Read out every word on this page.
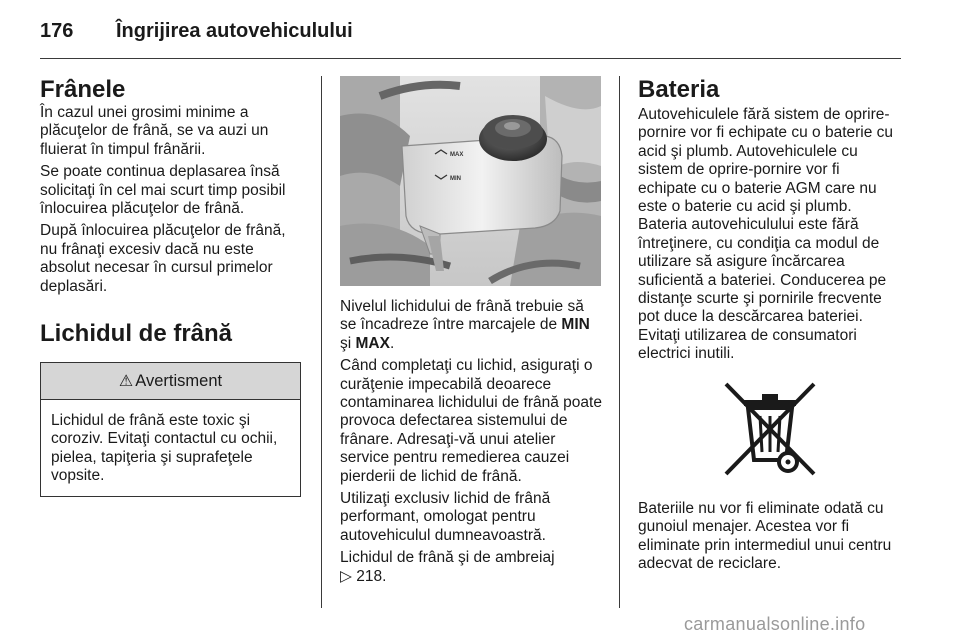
176 Îngrijirea autovehiculului
Frânele

În cazul unei grosimi minime a plăcuţelor de frână, se va auzi un fluierat în timpul frânării.

Se poate continua deplasarea însă solicitaţi în cel mai scurt timp posibil înlocuirea plăcuţelor de frână.

După înlocuirea plăcuţelor de frână, nu frânaţi excesiv dacă nu este absolut necesar în cursul primelor deplasări.

Lichidul de frână
⚠ Avertisment

Lichidul de frână este toxic şi coroziv. Evitaţi contactul cu ochii, pielea, tapiţeria şi suprafeţele vopsite.

MAX
MIN

Nivelul lichidului de frână trebuie să se încadreze între marcajele de MIN şi MAX.

Când completaţi cu lichid, asiguraţi o curăţenie impecabilă deoarece contaminarea lichidului de frână poate provoca defectarea sistemului de frânare. Adresaţi-vă unui atelier service pentru remedierea cauzei pierderii de lichid de frână.

Utilizaţi exclusiv lichid de frână performant, omologat pentru autovehiculul dumneavoastră.

Lichidul de frână şi de ambreiaj
▷ 218.

Bateria

Autovehiculele fără sistem de oprire-pornire vor fi echipate cu o baterie cu acid şi plumb. Autovehiculele cu sistem de oprire-pornire vor fi echipate cu o baterie AGM care nu este o baterie cu acid şi plumb. Bateria autovehiculului este fără întreţinere, cu condiţia ca modul de utilizare să asigure încărcarea suficientă a bateriei. Conducerea pe distanţe scurte şi pornirile frecvente pot duce la descărcarea bateriei. Evitaţi utilizarea de consumatori electrici inutili.

Bateriile nu vor fi eliminate odată cu gunoiul menajer. Acestea vor fi eliminate prin intermediul unui centru adecvat de reciclare.

carmanualsonline.info
